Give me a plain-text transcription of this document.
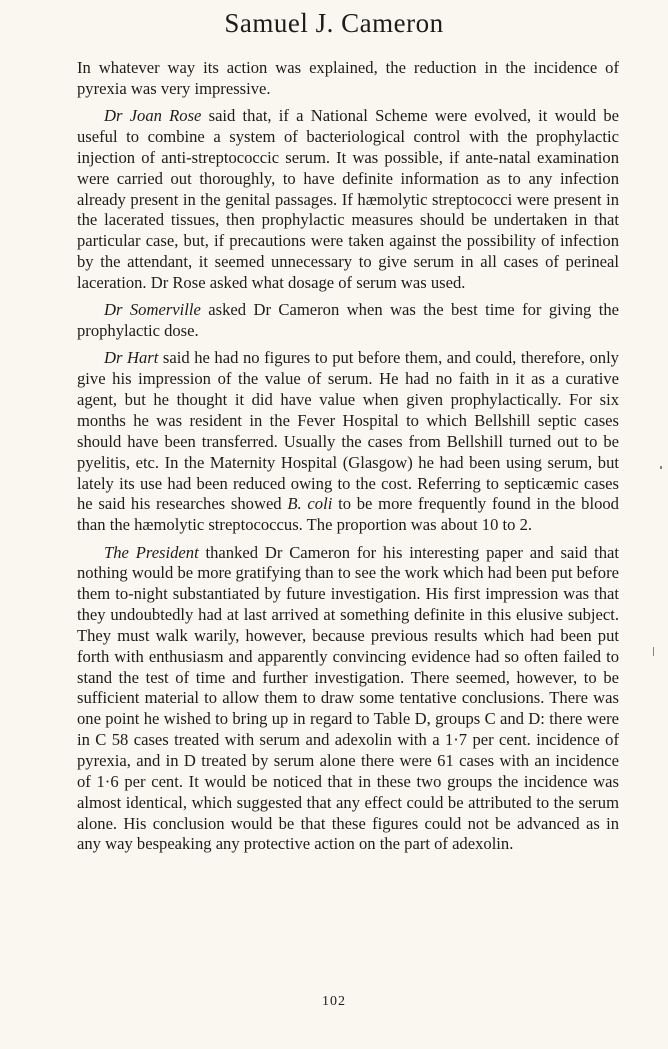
Samuel J. Cameron

In whatever way its action was explained, the reduction in the incidence of pyrexia was very impressive.

Dr Joan Rose said that, if a National Scheme were evolved, it would be useful to combine a system of bacteriological control with the prophylactic injection of anti-streptococcic serum. It was possible, if ante-natal examination were carried out thoroughly, to have definite information as to any infection already present in the genital passages. If hæmolytic streptococci were present in the lacerated tissues, then prophylactic measures should be undertaken in that particular case, but, if precautions were taken against the possibility of infection by the attendant, it seemed unnecessary to give serum in all cases of perineal laceration. Dr Rose asked what dosage of serum was used.

Dr Somerville asked Dr Cameron when was the best time for giving the prophylactic dose.

Dr Hart said he had no figures to put before them, and could, therefore, only give his impression of the value of serum. He had no faith in it as a curative agent, but he thought it did have value when given prophylactically. For six months he was resident in the Fever Hospital to which Bellshill septic cases should have been transferred. Usually the cases from Bellshill turned out to be pyelitis, etc. In the Maternity Hospital (Glasgow) he had been using serum, but lately its use had been reduced owing to the cost. Referring to septicæmic cases he said his researches showed B. coli to be more frequently found in the blood than the hæmolytic streptococcus. The proportion was about 10 to 2.

The President thanked Dr Cameron for his interesting paper and said that nothing would be more gratifying than to see the work which had been put before them to-night substantiated by future investigation. His first impression was that they undoubtedly had at last arrived at something definite in this elusive subject. They must walk warily, however, because previous results which had been put forth with enthusiasm and apparently convincing evidence had so often failed to stand the test of time and further investigation. There seemed, however, to be sufficient material to allow them to draw some tentative conclusions. There was one point he wished to bring up in regard to Table D, groups C and D: there were in C 58 cases treated with serum and adexolin with a 1·7 per cent. incidence of pyrexia, and in D treated by serum alone there were 61 cases with an incidence of 1·6 per cent. It would be noticed that in these two groups the incidence was almost identical, which suggested that any effect could be attributed to the serum alone. His conclusion would be that these figures could not be advanced as in any way bespeaking any protective action on the part of adexolin.

102
